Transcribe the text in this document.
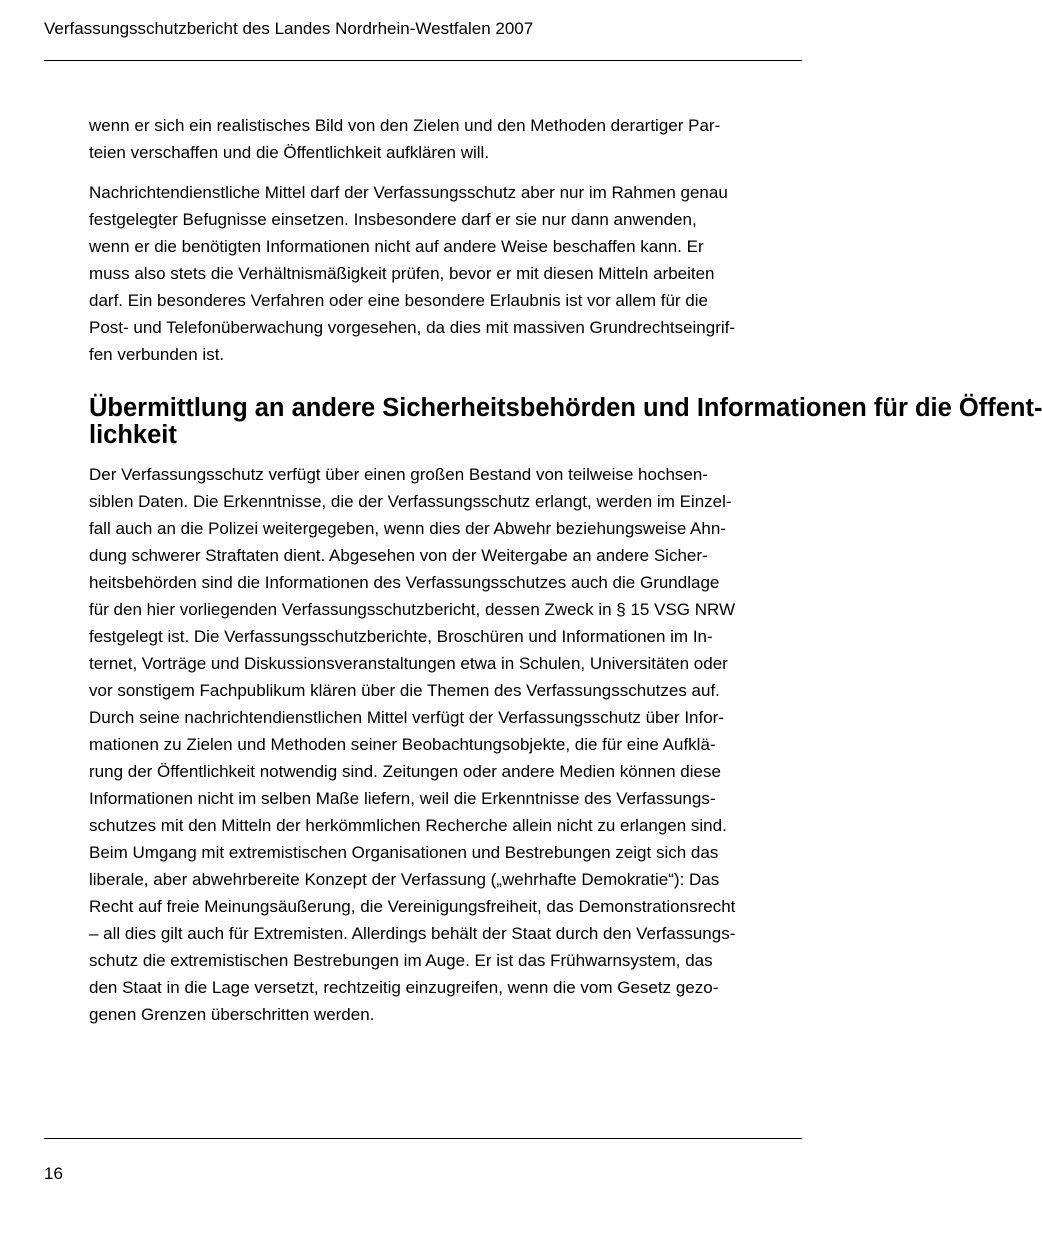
Verfassungsschutzbericht des Landes Nordrhein-Westfalen 2007

wenn er sich ein realistisches Bild von den Zielen und den Methoden derartiger Par-
teien verschaffen und die Öffentlichkeit aufklären will.

Nachrichtendienstliche Mittel darf der Verfassungsschutz aber nur im Rahmen genau
festgelegter Befugnisse einsetzen. Insbesondere darf er sie nur dann anwenden,
wenn er die benötigten Informationen nicht auf andere Weise beschaffen kann. Er
muss also stets die Verhältnismäßigkeit prüfen, bevor er mit diesen Mitteln arbeiten
darf. Ein besonderes Verfahren oder eine besondere Erlaubnis ist vor allem für die
Post- und Telefonüberwachung vorgesehen, da dies mit massiven Grundrechtseingrif-
fen verbunden ist.

Übermittlung an andere Sicherheitsbehörden und Informationen für die Öffent-
lichkeit

Der Verfassungsschutz verfügt über einen großen Bestand von teilweise hochsen-
siblen Daten. Die Erkenntnisse, die der Verfassungsschutz erlangt, werden im Einzel-
fall auch an die Polizei weitergegeben, wenn dies der Abwehr beziehungsweise Ahn-
dung schwerer Straftaten dient. Abgesehen von der Weitergabe an andere Sicher-
heitsbehörden sind die Informationen des Verfassungsschutzes auch die Grundlage
für den hier vorliegenden Verfassungsschutzbericht, dessen Zweck in § 15 VSG NRW
festgelegt ist. Die Verfassungsschutzberichte, Broschüren und Informationen im In-
ternet, Vorträge und Diskussionsveranstaltungen etwa in Schulen, Universitäten oder
vor sonstigem Fachpublikum klären über die Themen des Verfassungsschutzes auf.
Durch seine nachrichtendienstlichen Mittel verfügt der Verfassungsschutz über Infor-
mationen zu Zielen und Methoden seiner Beobachtungsobjekte, die für eine Aufklä-
rung der Öffentlichkeit notwendig sind. Zeitungen oder andere Medien können diese
Informationen nicht im selben Maße liefern, weil die Erkenntnisse des Verfassungs-
schutzes mit den Mitteln der herkömmlichen Recherche allein nicht zu erlangen sind.
Beim Umgang mit extremistischen Organisationen und Bestrebungen zeigt sich das
liberale, aber abwehrbereite Konzept der Verfassung („wehrhafte Demokratie“): Das
Recht auf freie Meinungsäußerung, die Vereinigungsfreiheit, das Demonstrationsrecht
– all dies gilt auch für Extremisten. Allerdings behält der Staat durch den Verfassungs-
schutz die extremistischen Bestrebungen im Auge. Er ist das Frühwarnsystem, das
den Staat in die Lage versetzt, rechtzeitig einzugreifen, wenn die vom Gesetz gezo-
genen Grenzen überschritten werden.

16
